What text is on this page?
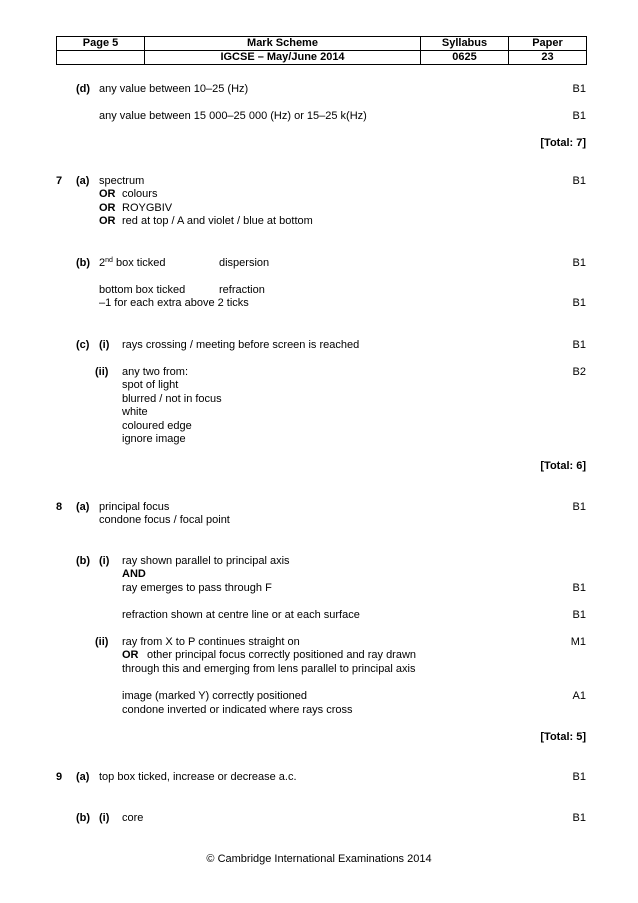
Page 5	Mark Scheme	Syllabus	Paper
	IGCSE – May/June 2014	0625	23
(d) any value between 10–25 (Hz)	B1
any value between 15 000–25 000 (Hz) or 15–25 k(Hz)	B1
[Total: 7]
7 (a) spectrum	B1
OR colours
OR ROYGBIV
OR red at top / A and violet / blue at bottom
(b) 2nd box ticked	dispersion	B1
bottom box ticked	refraction
–1 for each extra above 2 ticks	B1
(c) (i) rays crossing / meeting before screen is reached	B1
(ii) any two from:	B2
spot of light
blurred / not in focus
white
coloured edge
ignore image
[Total: 6]
8 (a) principal focus	B1
condone focus / focal point
(b) (i) ray shown parallel to principal axis
AND
ray emerges to pass through F	B1
refraction shown at centre line or at each surface	B1
(ii) ray from X to P continues straight on	M1
OR other principal focus correctly positioned and ray drawn
through this and emerging from lens parallel to principal axis
image (marked Y) correctly positioned	A1
condone inverted or indicated where rays cross
[Total: 5]
9 (a) top box ticked, increase or decrease a.c.	B1
(b) (i) core	B1
© Cambridge International Examinations 2014
